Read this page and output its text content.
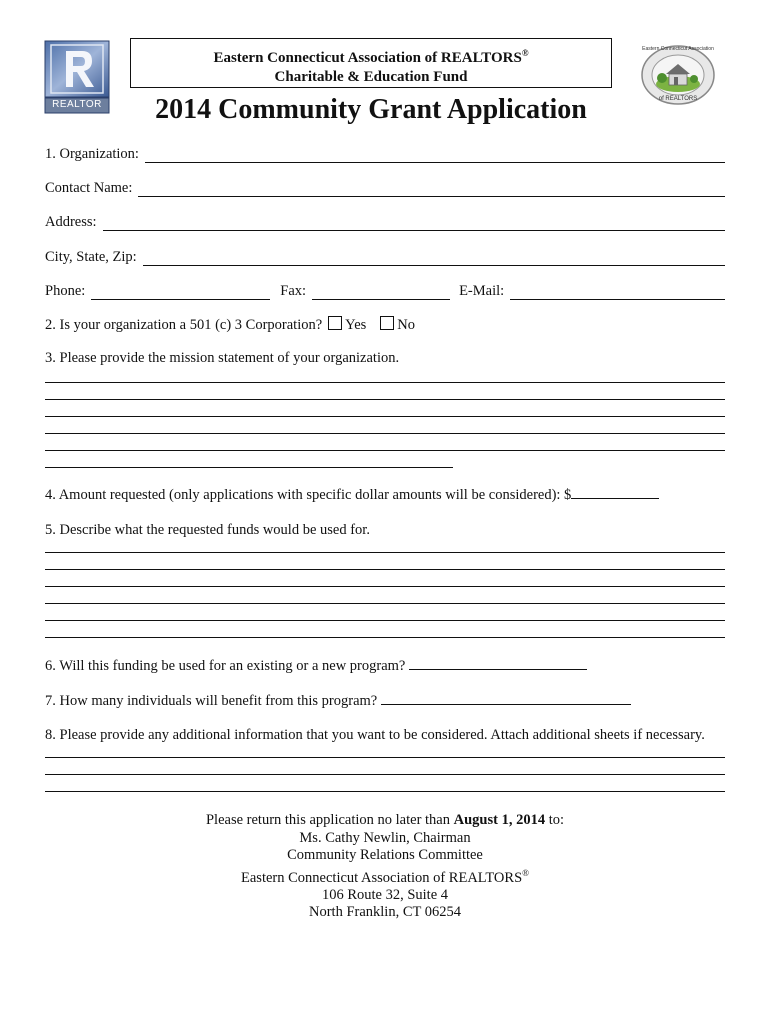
REALTOR
Eastern Connecticut Association of REALTORS®
Charitable & Education Fund
Eastern Connecticut Association
of REALTORS
2014 Community Grant Application
1. Organization:
Contact Name:
Address:
City, State, Zip:
Phone:	Fax:	E-Mail:
2. Is your organization a 501 (c) 3 Corporation? Yes No
3. Please provide the mission statement of your organization.
4. Amount requested (only applications with specific dollar amounts will be considered): $
5. Describe what the requested funds would be used for.
6. Will this funding be used for an existing or a new program?
7. How many individuals will benefit from this program?
8. Please provide any additional information that you want to be considered. Attach additional sheets if necessary.
Please return this application no later than August 1, 2014 to:
Ms. Cathy Newlin, Chairman
Community Relations Committee
Eastern Connecticut Association of REALTORS®
106 Route 32, Suite 4
North Franklin, CT 06254
